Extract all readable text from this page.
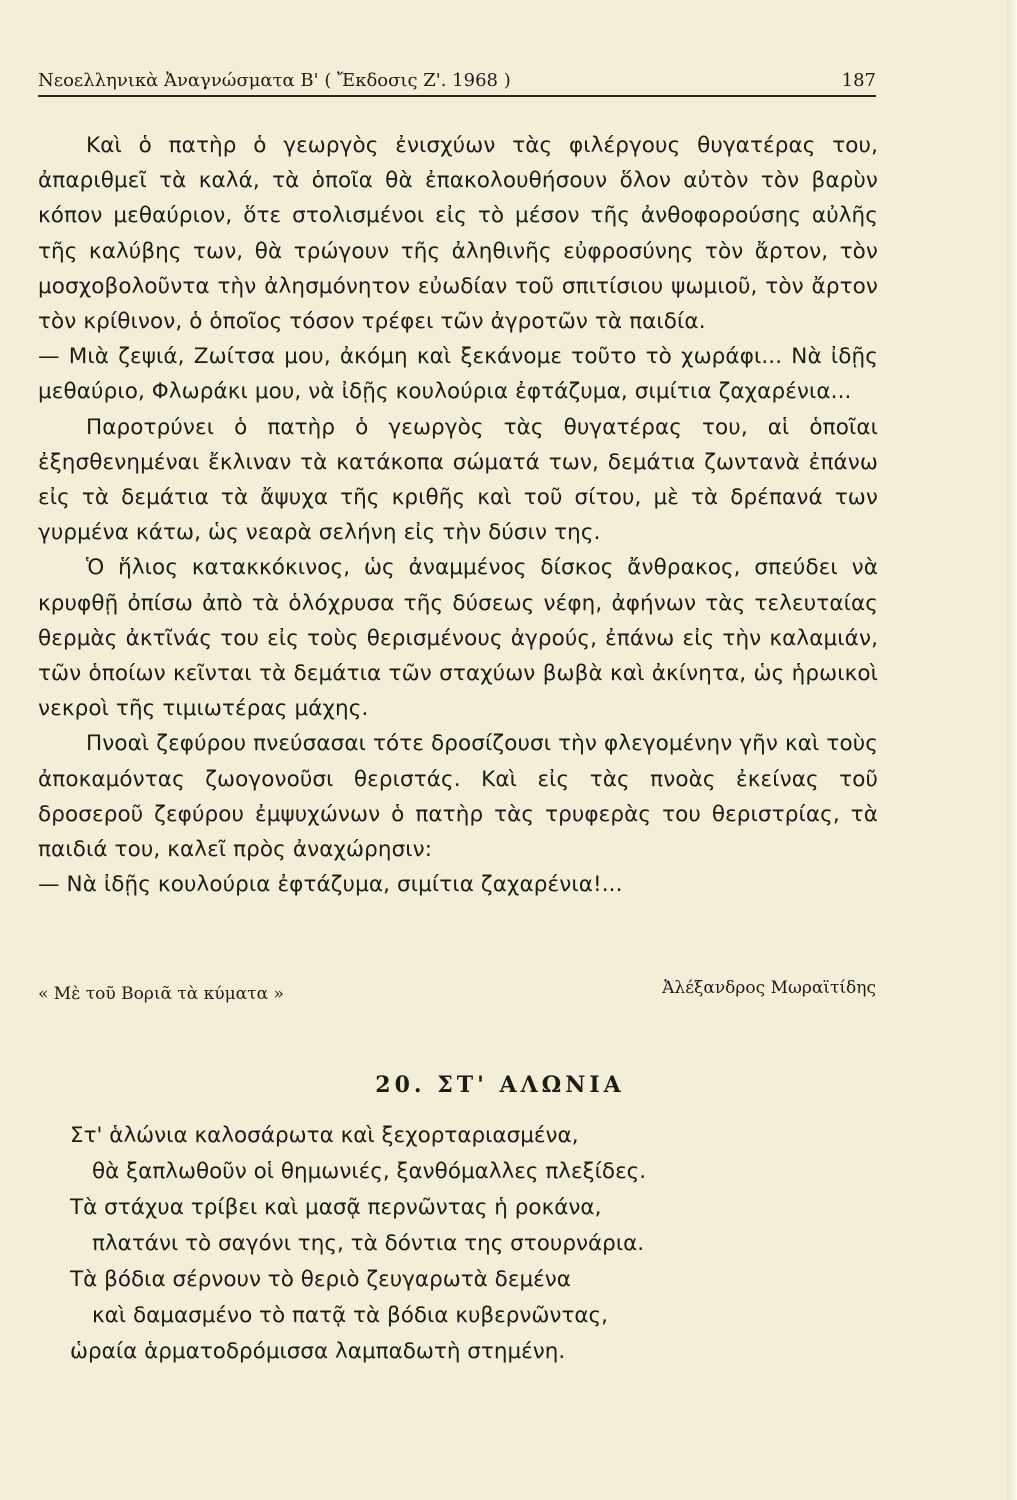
Νεοελληνικὰ Ἀναγνώσματα Β' ( Ἔκδοσις Ζ'. 1968 )	187

Καὶ ὁ πατὴρ ὁ γεωργὸς ἐνισχύων τὰς φιλέργους θυγατέρας του, ἀπαριθμεῖ τὰ καλά, τὰ ὁποῖα θὰ ἐπακολουθήσουν ὅλον αὐτὸν τὸν βαρὺν κόπον μεθαύριον, ὅτε στολισμένοι εἰς τὸ μέσον τῆς ἀνθοφορούσης αὐλῆς τῆς καλύβης των, θὰ τρώγουν τῆς ἀληθινῆς εὐφροσύνης τὸν ἄρτον, τὸν μοσχοβολοῦντα τὴν ἀλησμόνητον εὐωδίαν τοῦ σπιτίσιου ψωμιοῦ, τὸν ἄρτον τὸν κρίθινον, ὁ ὁποῖος τόσον τρέφει τῶν ἀγροτῶν τὰ παιδία.

— Μιὰ ζεψιά, Ζωίτσα μου, ἀκόμη καὶ ξεκάνομε τοῦτο τὸ χωράφι... Νὰ ἰδῇς μεθαύριο, Φλωράκι μου, νὰ ἰδῇς κουλούρια ἐφτάζυμα, σιμίτια ζαχαρένια...

Παροτρύνει ὁ πατὴρ ὁ γεωργὸς τὰς θυγατέρας του, αἱ ὁποῖαι ἐξησθενημέναι ἔκλιναν τὰ κατάκοπα σώματά των, δεμάτια ζωντανὰ ἐπάνω εἰς τὰ δεμάτια τὰ ἄψυχα τῆς κριθῆς καὶ τοῦ σίτου, μὲ τὰ δρέπανά των γυρμένα κάτω, ὡς νεαρὰ σελήνη εἰς τὴν δύσιν της.

Ὁ ἥλιος κατακκόκινος, ὡς ἀναμμένος δίσκος ἄνθρακος, σπεύδει νὰ κρυφθῇ ὀπίσω ἀπὸ τὰ ὁλόχρυσα τῆς δύσεως νέφη, ἀφήνων τὰς τελευταίας θερμὰς ἀκτῖνάς του εἰς τοὺς θερισμένους ἀγρούς, ἐπάνω εἰς τὴν καλαμιάν, τῶν ὁποίων κεῖνται τὰ δεμάτια τῶν σταχύων βωβὰ καὶ ἀκίνητα, ὡς ἡρωικοὶ νεκροὶ τῆς τιμιωτέρας μάχης.

Πνοαὶ ζεφύρου πνεύσασαι τότε δροσίζουσι τὴν φλεγομένην γῆν καὶ τοὺς ἀποκαμόντας ζωογονοῦσι θεριστάς. Καὶ εἰς τὰς πνοὰς ἐκείνας τοῦ δροσεροῦ ζεφύρου ἐμψυχώνων ὁ πατὴρ τὰς τρυφερὰς του θεριστρίας, τὰ παιδιά του, καλεῖ πρὸς ἀναχώρησιν:

— Νὰ ἰδῇς κουλούρια ἐφτάζυμα, σιμίτια ζαχαρένια!...

« Μὲ τοῦ Βοριᾶ τὰ κύματα »	Ἀλέξανδρος Μωραϊτίδης
20. ΣΤ' ΑΛΩΝΙΑ
Στ' ἁλώνια καλοσάρωτα καὶ ξεχορταριασμένα,
θὰ ξαπλωθοῦν οἱ θημωνιές, ξανθόμαλλες πλεξίδες.
Τὰ στάχυα τρίβει καὶ μασᾷ περνῶντας ἡ ροκάνα,
πλατάνι τὸ σαγόνι της, τὰ δόντια της στουρνάρια.
Τὰ βόδια σέρνουν τὸ θεριὸ ζευγαρωτὰ δεμένα
καὶ δαμασμένο τὸ πατᾷ τὰ βόδια κυβερνῶντας,
ὡραία ἁρματοδρόμισσα λαμπαδωτὴ στημένη.
